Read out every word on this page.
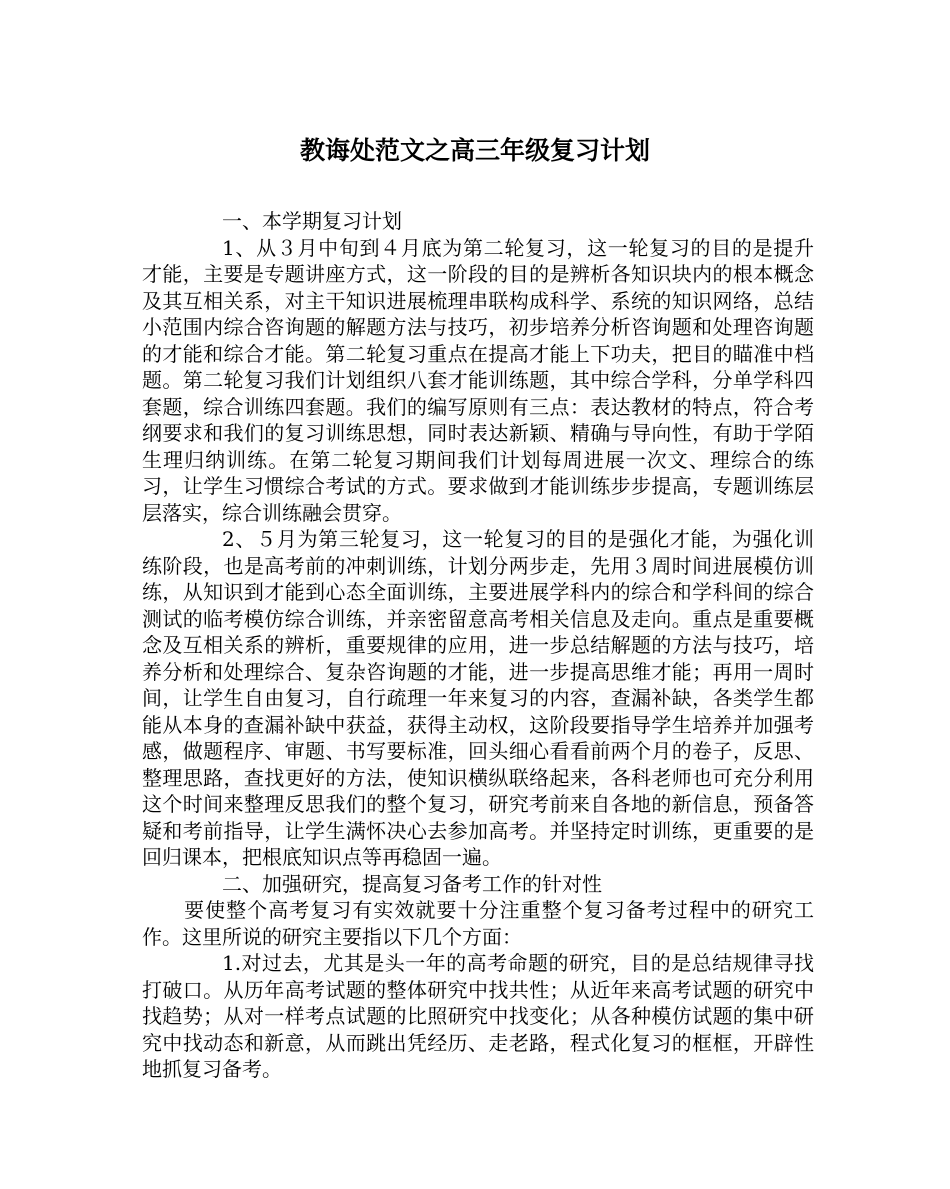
教诲处范文之高三年级复习计划

一、本学期复习计划

1、从３月中旬到４月底为第二轮复习，这一轮复习的目的是提升才能，主要是专题讲座方式，这一阶段的目的是辨析各知识块内的根本概念及其互相关系，对主干知识进展梳理串联构成科学、系统的知识网络，总结小范围内综合咨询题的解题方法与技巧，初步培养分析咨询题和处理咨询题的才能和综合才能。第二轮复习重点在提高才能上下功夫，把目的瞄准中档题。第二轮复习我们计划组织八套才能训练题，其中综合学科，分单学科四套题，综合训练四套题。我们的编写原则有三点：表达教材的特点，符合考纲要求和我们的复习训练思想，同时表达新颖、精确与导向性，有助于学陌生理归纳训练。在第二轮复习期间我们计划每周进展一次文、理综合的练习，让学生习惯综合考试的方式。要求做到才能训练步步提高，专题训练层层落实，综合训练融会贯穿。

2、５月为第三轮复习，这一轮复习的目的是强化才能，为强化训练阶段，也是高考前的冲刺训练，计划分两步走，先用３周时间进展模仿训练，从知识到才能到心态全面训练，主要进展学科内的综合和学科间的综合测试的临考模仿综合训练，并亲密留意高考相关信息及走向。重点是重要概念及互相关系的辨析，重要规律的应用，进一步总结解题的方法与技巧，培养分析和处理综合、复杂咨询题的才能，进一步提高思维才能；再用一周时间，让学生自由复习，自行疏理一年来复习的内容，查漏补缺，各类学生都能从本身的查漏补缺中获益，获得主动权，这阶段要指导学生培养并加强考感，做题程序、审题、书写要标准，回头细心看看前两个月的卷子，反思、整理思路，查找更好的方法，使知识横纵联络起来，各科老师也可充分利用这个时间来整理反思我们的整个复习，研究考前来自各地的新信息，预备答疑和考前指导，让学生满怀决心去参加高考。并坚持定时训练，更重要的是回归课本，把根底知识点等再稳固一遍。

二、加强研究，提高复习备考工作的针对性

　　要使整个高考复习有实效就要十分注重整个复习备考过程中的研究工作。这里所说的研究主要指以下几个方面：

1.对过去，尤其是头一年的高考命题的研究，目的是总结规律寻找打破口。从历年高考试题的整体研究中找共性；从近年来高考试题的研究中找趋势；从对一样考点试题的比照研究中找变化；从各种模仿试题的集中研究中找动态和新意，从而跳出凭经历、走老路，程式化复习的框框，开辟性地抓复习备考。
